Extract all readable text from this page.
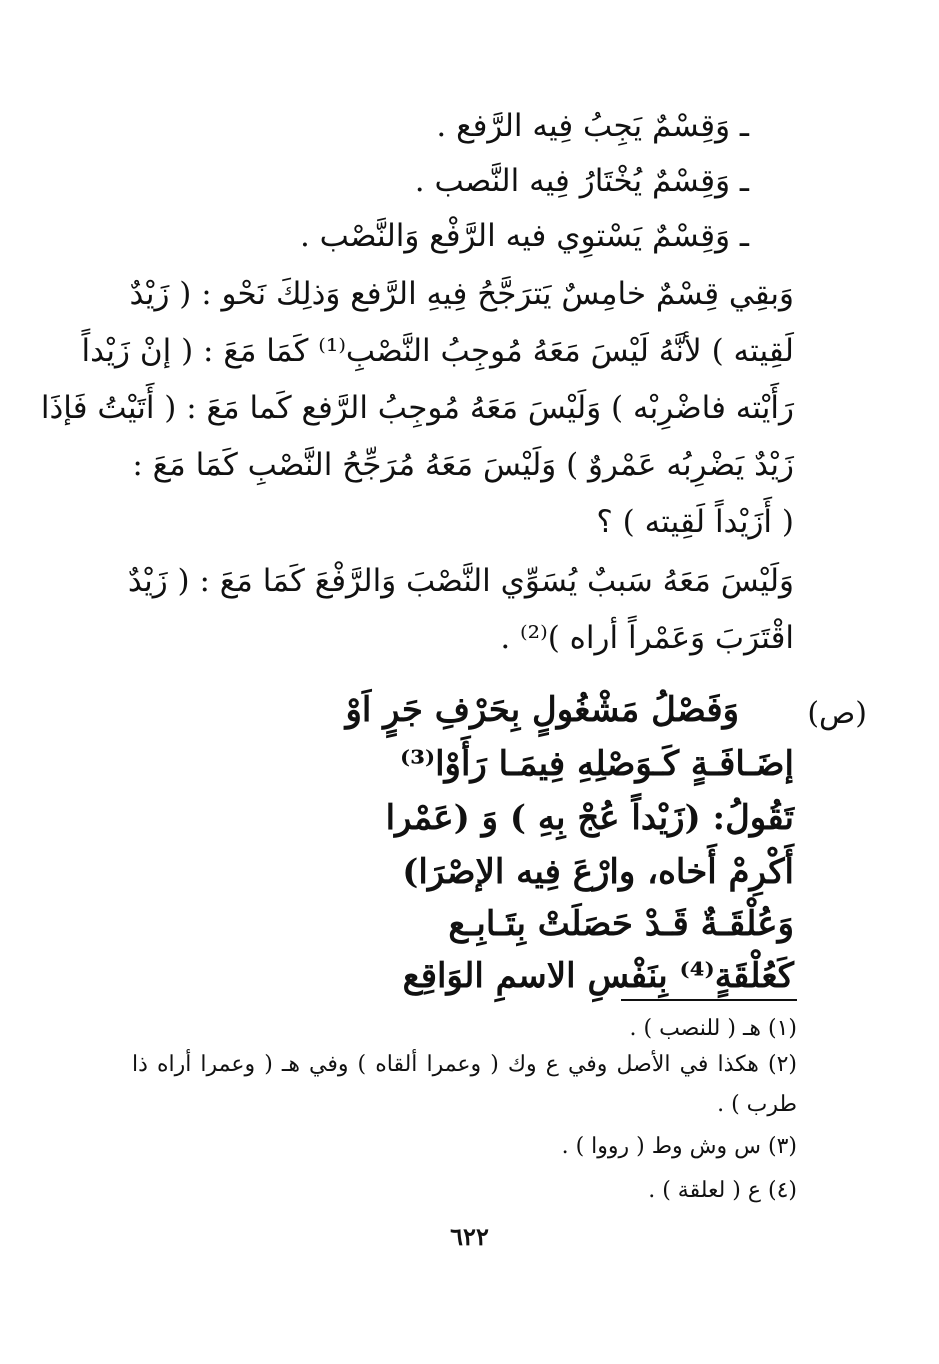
ـ وَقِسْمٌ يَجِبُ فِيه الرَّفع .
ـ وَقِسْمٌ يُخْتَارُ فِيه النَّصب .
ـ وَقِسْمٌ يَسْتوِي فيه الرَّفْع وَالنَّصْب .
وَبقِي قِسْمٌ خامِسٌ يَترَجَّحُ فِيهِ الرَّفع وَذلِكَ نَحْو : ( زَيْدٌ
لَقِيته ) لأنَّهُ لَيْسَ مَعَهُ مُوجِبُ النَّصْبِ⁽¹⁾ كَمَا مَعَ : ( إنْ زَيْداً
رَأَيْته فاضْرِبْه ) وَلَيْسَ مَعَهُ مُوجِبُ الرَّفع كَما مَعَ : ( أَتَيْتُ فَإذَا
زَيْدٌ يَضْرِبُه عَمْروٌ ) وَلَيْسَ مَعَهُ مُرَجِّحُ النَّصْبِ كَمَا مَعَ :
( أَزَيْداً لَقِيته ) ؟
وَلَيْسَ مَعَهُ سَببٌ يُسَوِّي النَّصْبَ وَالرَّفْعَ كَمَا مَعَ : ( زَيْدٌ
اقْتَرَبَ وَعَمْراً أراه )⁽²⁾ .
(ص)
وَفَصْلُ مَشْغُولٍ بِحَرْفِ جَرٍ اَوْ
إضَـافَـةٍ كَـوَصْلِهِ فِيمَـا رَأَوْا⁽³⁾
تَقُولُ: (زَيْداً عُجْ بِهِ ) وَ (عَمْرا
أَكْرِمْ أَخاه، وارْعَ فِيه الإصْرَا)
وَعُلْقَـةٌ قَـدْ حَصَلَتْ بِتَـابِـع
كَعُلْقَةٍ⁽⁴⁾ بِنَفْسِ الاسمِ الوَاقِع
(١) هـ ( للنصب ) .
(٢) هكذا في الأصل وفي ع وك ( وعمرا ألقاه ) وفي هـ ( وعمرا أراه ذا
طرب ) .
(٣) س وش وط ( رووا ) .
(٤) ع ( لعلقة ) .
٦٢٢
